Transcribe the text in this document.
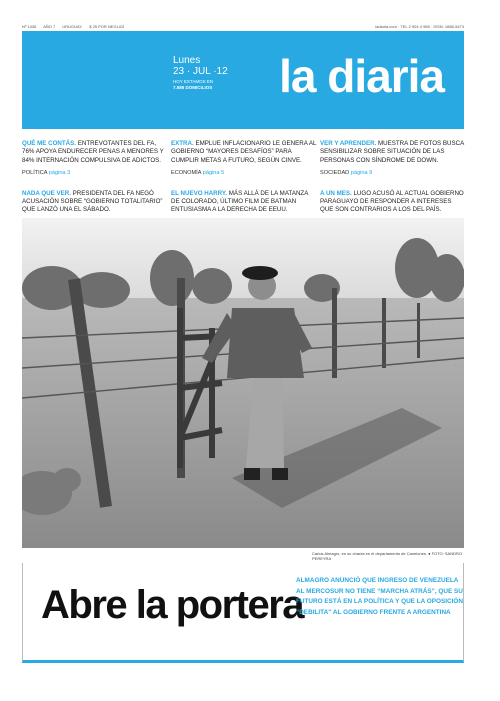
Nº 1436 AÑO 7 URUGUAY $ 25 POR NEGLIGÍ	ladiaria.com · TEL 2 904 4 958 · ISSN: 1688-5473
Lunes
23 · JUL ·12
HOY ESTAMOS EN
7.586 DOMICILIOS	la diaria
QUÉ ME CONTÁS. ENTREVOTANTES DEL FA, 76% APOYA ENDURECER PENAS A MENORES Y 84% INTERNACIÓN COMPULSIVA DE ADICTOS.
POLÍTICA página 3
EXTRA. EMPLUE INFLACIONARIO LE GENERA AL GOBIERNO “MAYORES DESAFÍOS” PARA CUMPLIR METAS A FUTURO, SEGÚN CINVE.
ECONOMÍA página 5
VER Y APRENDER. MUESTRA DE FOTOS BUSCA SENSIBILIZAR SOBRE SITUACIÓN DE LAS PERSONAS CON SÍNDROME DE DOWN.
SOCIEDAD página 9
NADA QUE VER. PRESIDENTA DEL FA NEGÓ ACUSACIÓN SOBRE “GOBIERNO TOTALITARIO” QUE LANZÓ UNA EL SÁBADO.
EL NUEVO HARRY. MÁS ALLÁ DE LA MATANZA DE COLORADO, ÚLTIMO FILM DE BATMAN ENTUSIASMA A LA DERECHA DE EEUU.
A UN MES. LUGO ACUSÓ AL ACTUAL GOBIERNO PARAGUAYO DE RESPONDER A INTERESES QUE SON CONTRARIOS A LOS DEL PAÍS.
Carlos Almagro, en su chacra en el departamento de Canelones. ● FOTO: SANDRO PEREYRA
Abre la portera
ALMAGRO ANUNCIÓ QUE INGRESO DE VENEZUELA AL MERCOSUR NO TIENE “MARCHA ATRÁS”, QUE SU FUTURO ESTÁ EN LA POLÍTICA Y QUE LA OPOSICIÓN “DEBILITA” AL GOBIERNO FRENTE A ARGENTINA
